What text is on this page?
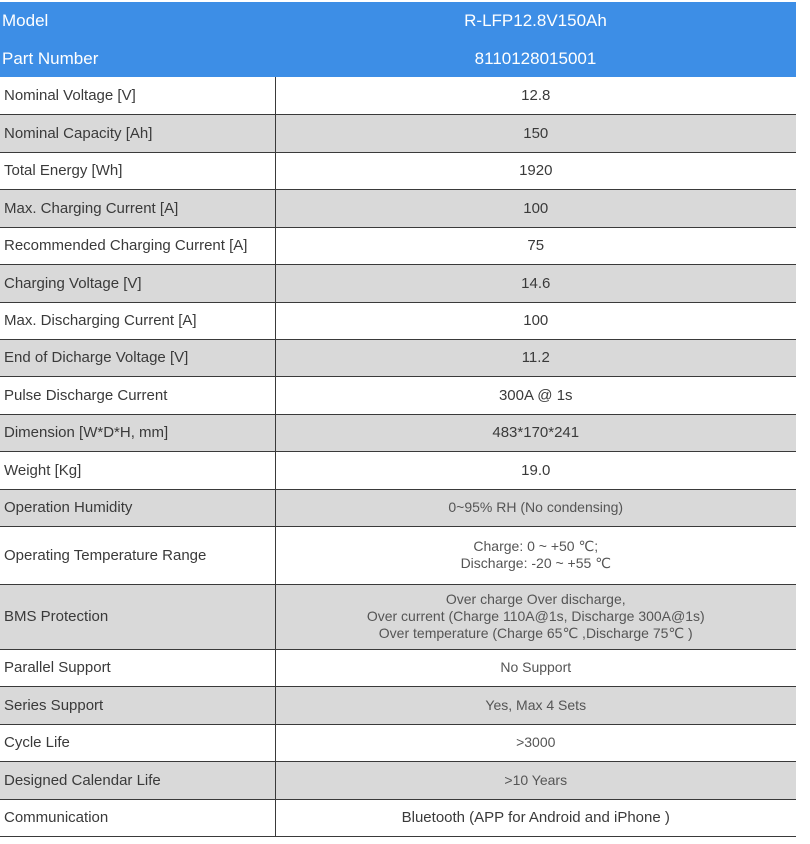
Model	R-LFP12.8V150Ah
Part Number	8110128015001
Nominal Voltage [V]	12.8

Nominal Capacity [Ah]	150

Total Energy [Wh]	1920

Max. Charging Current [A]	100

Recommended Charging Current [A]	75

Charging Voltage [V]	14.6

Max. Discharging Current [A]	100

End of Dicharge Voltage [V]	11.2

Pulse Discharge Current	300A @ 1s

Dimension [W*D*H, mm]	483*170*241

Weight [Kg]	19.0

Operation Humidity	0~95% RH (No condensing)

Operating Temperature Range	Charge: 0 ~ +50 ℃;
Discharge: -20 ~ +55 ℃

BMS Protection	Over charge Over discharge,
Over current (Charge 110A@1s, Discharge 300A@1s)
Over temperature (Charge 65℃ ,Discharge 75℃ )

Parallel Support	No Support

Series Support	Yes, Max 4 Sets

Cycle Life	>3000

Designed Calendar Life	>10 Years

Communication	Bluetooth (APP for Android and iPhone )
